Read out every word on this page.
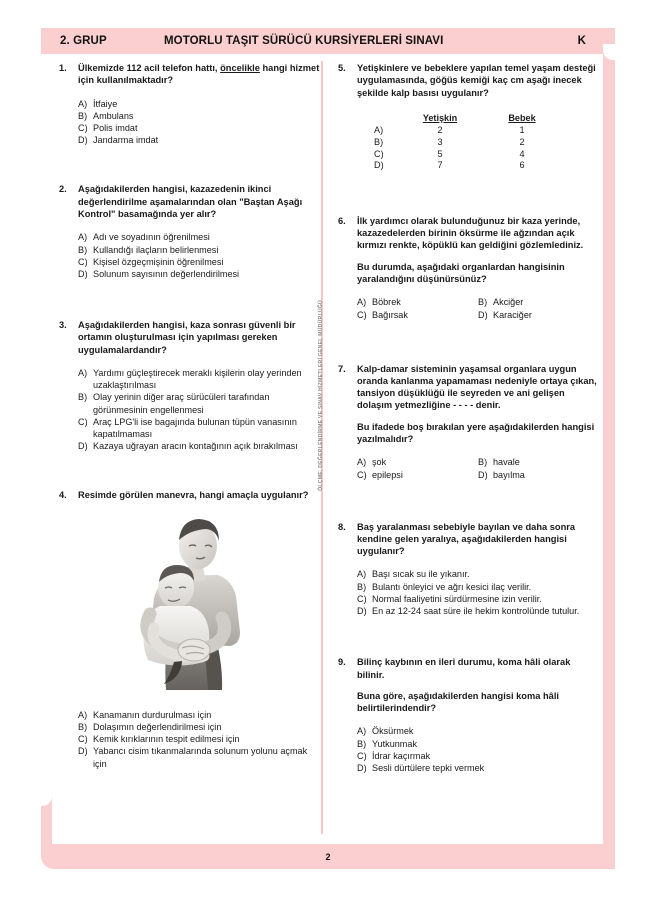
2. GRUP	MOTORLU TAŞIT SÜRÜCÜ KURSİYERLERİ SINAVI	K
ÖLÇME, DEĞERLENDİRME VE SINAV HİZMETLERİ GENEL MÜDÜRLÜĞÜ
1.	Ülkemizde 112 acil telefon hattı, öncelikle hangi hizmet için kullanılmaktadır?

A) İtfaiye
B) Ambulans
C) Polis imdat
D) Jandarma imdat
2.	Aşağıdakilerden hangisi, kazazedenin ikinci değerlendirilme aşamalarından olan "Baştan Aşağı Kontrol" basamağında yer alır?

A) Adı ve soyadının öğrenilmesi
B) Kullandığı ilaçların belirlenmesi
C) Kişisel özgeçmişinin öğrenilmesi
D) Solunum sayısının değerlendirilmesi
3.	Aşağıdakilerden hangisi, kaza sonrası güvenli bir ortamın oluşturulması için yapılması gereken uygulamalardandır?

A) Yardımı güçleştirecek meraklı kişilerin olay yerinden uzaklaştırılması
B) Olay yerinin diğer araç sürücüleri tarafından görünmesinin engellenmesi
C) Araç LPG'li ise bagajında bulunan tüpün vanasının kapatılmaması
D) Kazaya uğrayan aracın kontağının açık bırakılması
4.	Resimde görülen manevra, hangi amaçla uygulanır?

A) Kanamanın durdurulması için
B) Dolaşımın değerlendirilmesi için
C) Kemik kırıklarının tespit edilmesi için
D) Yabancı cisim tıkanmalarında solunum yolunu açmak için
5.	Yetişkinlere ve bebeklere yapılan temel yaşam desteği uygulamasında, göğüs kemiği kaç cm aşağı inecek şekilde kalp basısı uygulanır?

	Yetişkin	Bebek
A)	2	1
B)	3	2
C)	5	4
D)	7	6
6.	İlk yardımcı olarak bulunduğunuz bir kaza yerinde, kazazedelerden birinin öksürme ile ağzından açık kırmızı renkte, köpüklü kan geldiğini gözlemlediniz.

Bu durumda, aşağıdaki organlardan hangisinin yaralandığını düşünürsünüz?

A) Böbrek	B) Akciğer
C) Bağırsak	D) Karaciğer
7.	Kalp-damar sisteminin yaşamsal organlara uygun oranda kanlanma yapamaması nedeniyle ortaya çıkan, tansiyon düşüklüğü ile seyreden ve ani gelişen dolaşım yetmezliğine - - - - denir.

Bu ifadede boş bırakılan yere aşağıdakilerden hangisi yazılmalıdır?

A) şok	B) havale
C) epilepsi	D) bayılma
8.	Baş yaralanması sebebiyle bayılan ve daha sonra kendine gelen yaralıya, aşağıdakilerden hangisi uygulanır?

A) Başı sıcak su ile yıkanır.
B) Bulantı önleyici ve ağrı kesici ilaç verilir.
C) Normal faaliyetini sürdürmesine izin verilir.
D) En az 12-24 saat süre ile hekim kontrolünde tutulur.
9.	Bilinç kaybının en ileri durumu, koma hâli olarak bilinir.

Buna göre, aşağıdakilerden hangisi koma hâli belirtilerindendir?

A) Öksürmek
B) Yutkunmak
C) İdrar kaçırmak
D) Sesli dürtülere tepki vermek
2
